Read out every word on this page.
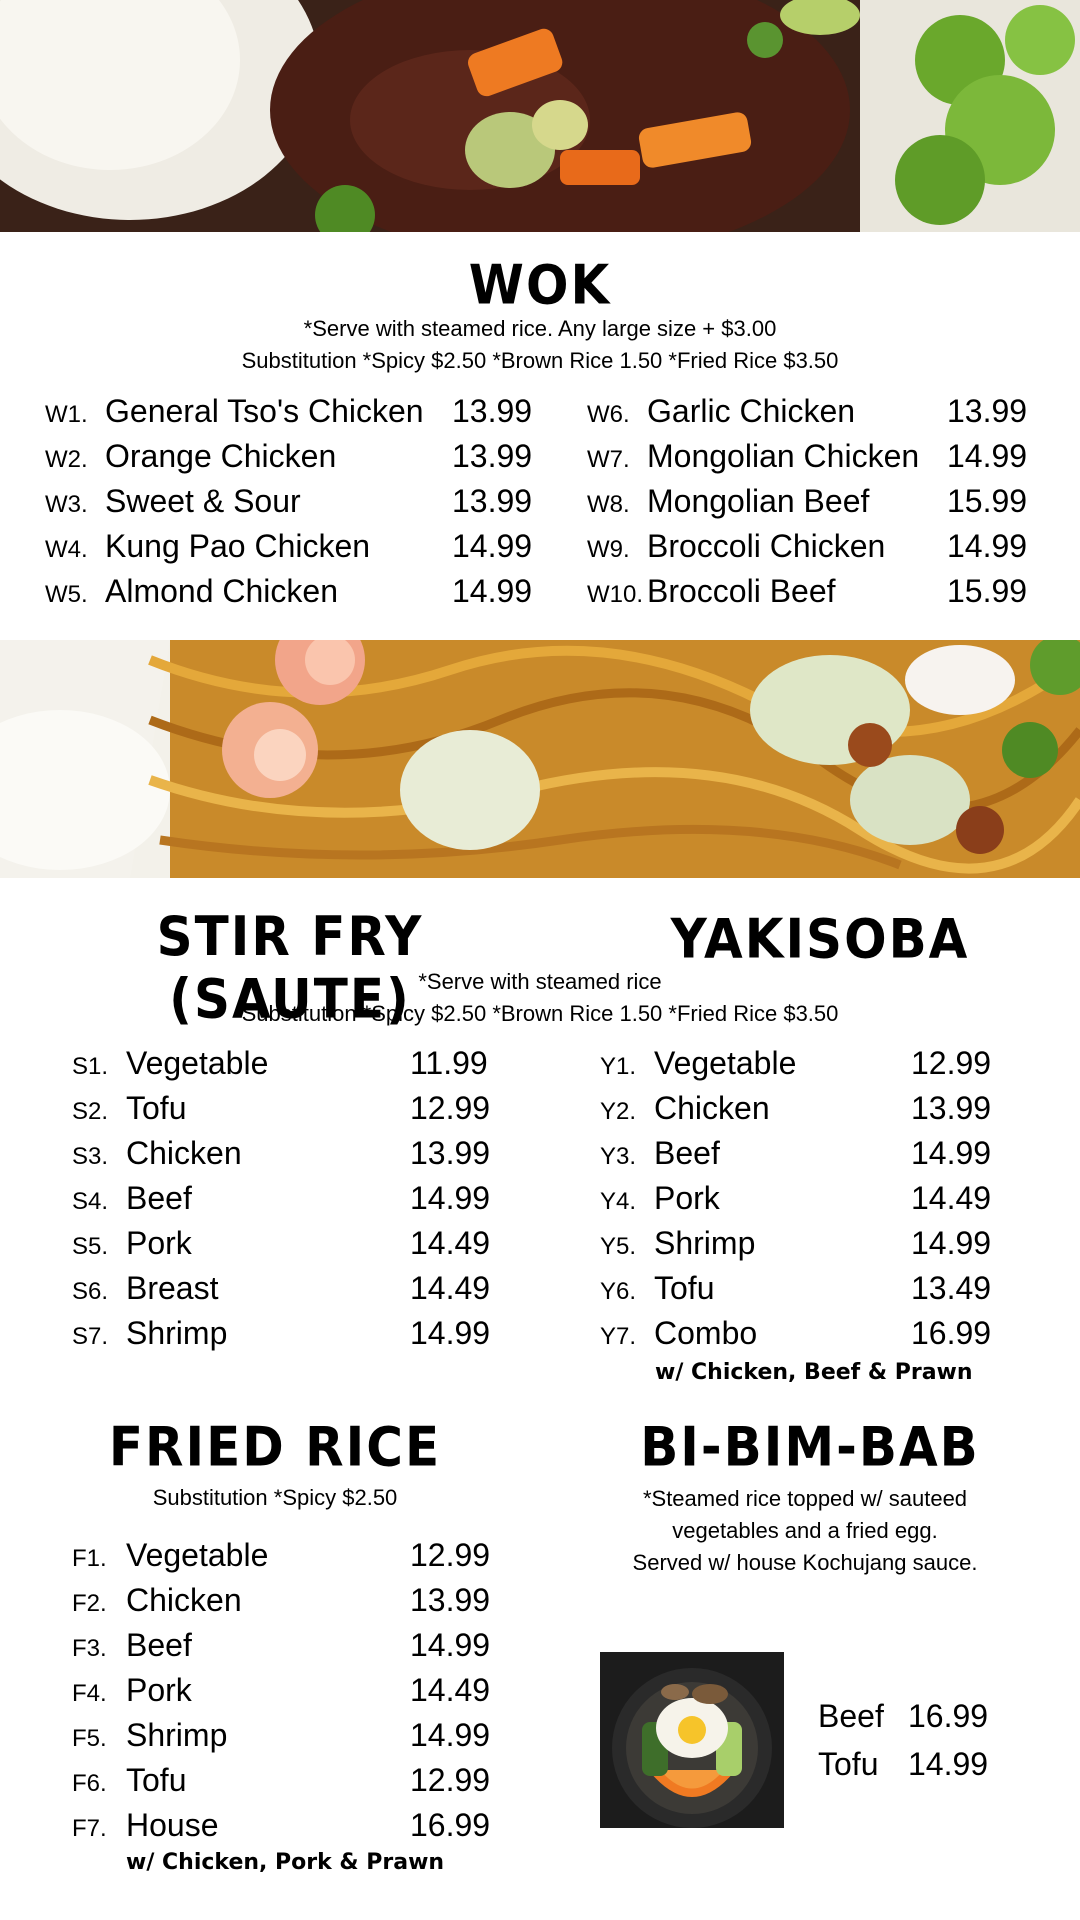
WOK
*Serve with steamed rice. Any large size + $3.00
Substitution *Spicy $2.50 *Brown Rice 1.50 *Fried Rice $3.50
W1. General Tso's Chicken 13.99
W2. Orange Chicken	13.99
W3. Sweet & Sour	13.99
W4. Kung Pao Chicken	14.99
W5. Almond Chicken	14.99
W6. Garlic Chicken	13.99
W7. Mongolian Chicken 14.99
W8. Mongolian Beef 15.99
W9. Broccoli Chicken 14.99
W10. Broccoli Beef	15.99
STIR FRY (SAUTE)
YAKISOBA
*Serve with steamed rice
Substitution *Spicy $2.50 *Brown Rice 1.50 *Fried Rice $3.50
S1. Vegetable	11.99
S2. Tofu	12.99
S3. Chicken	13.99
S4. Beef	14.99
S5. Pork	14.49
S6. Breast	14.49
S7. Shrimp	14.99
Y1. Vegetable	12.99
Y2. Chicken	13.99
Y3. Beef	14.99
Y4. Pork	14.49
Y5. Shrimp	14.99
Y6. Tofu	13.49
Y7. Combo	16.99
w/ Chicken, Beef & Prawn
FRIED RICE
Substitution *Spicy $2.50
F1. Vegetable	12.99
F2. Chicken	13.99
F3. Beef	14.99
F4. Pork	14.49
F5. Shrimp	14.99
F6. Tofu	12.99
F7. House	16.99
w/ Chicken, Pork & Prawn
BI-BIM-BAB
*Steamed rice topped w/ sauteed
vegetables and a fried egg.
Served w/ house Kochujang sauce.
Beef 16.99
Tofu 14.99
